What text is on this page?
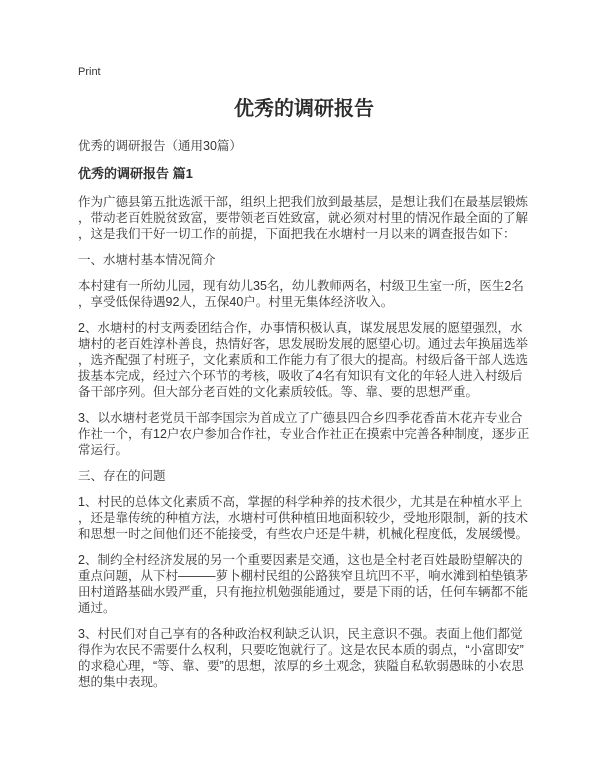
Print
优秀的调研报告
优秀的调研报告（通用30篇）
优秀的调研报告 篇1

作为广德县第五批选派干部，组织上把我们放到最基层，是想让我们在最基层锻炼，带动老百姓脱贫致富，要带领老百姓致富，就必须对村里的情况作最全面的了解，这是我们干好一切工作的前提，下面把我在水塘村一月以来的调查报告如下：

一、水塘村基本情况简介

本村建有一所幼儿园，现有幼儿35名，幼儿教师两名，村级卫生室一所，医生2名，享受低保待遇92人，五保40户。村里无集体经济收入。

2、水塘村的村支两委团结合作，办事情积极认真，谋发展思发展的愿望强烈，水塘村的老百姓淳朴善良，热情好客，思发展盼发展的愿望心切。通过去年换届选举，选齐配强了村班子，文化素质和工作能力有了很大的提高。村级后备干部人选选拔基本完成，经过六个环节的考核，吸收了4名有知识有文化的年轻人进入村级后备干部序列。但大部分老百姓的文化素质较低。等、靠、要的思想严重。

3、以水塘村老党员干部李国宗为首成立了广德县四合乡四季花香苗木花卉专业合作社一个，有12户农户参加合作社，专业合作社正在摸索中完善各种制度，逐步正常运行。

三、存在的问题

1、村民的总体文化素质不高，掌握的科学种养的技术很少，尤其是在种植水平上，还是靠传统的种植方法，水塘村可供种植田地面积较少，受地形限制，新的技术和思想一时之间他们还不能接受，有些农户还是牛耕，机械化程度低，发展缓慢。

2、制约全村经济发展的另一个重要因素是交通，这也是全村老百姓最盼望解决的重点问题，从下村———萝卜棚村民组的公路狭窄且坑凹不平，响水滩到柏垫镇茅田村道路基础水毁严重，只有拖拉机勉强能通过，要是下雨的话，任何车辆都不能通过。

3、村民们对自己享有的各种政治权利缺乏认识，民主意识不强。表面上他们都觉得作为农民不需要什么权利，只要吃饱就行了。这是农民本质的弱点，“小富即安”的求稳心理，“等、靠、要”的思想，浓厚的乡土观念，狭隘自私软弱愚昧的小农思想的集中表现。
